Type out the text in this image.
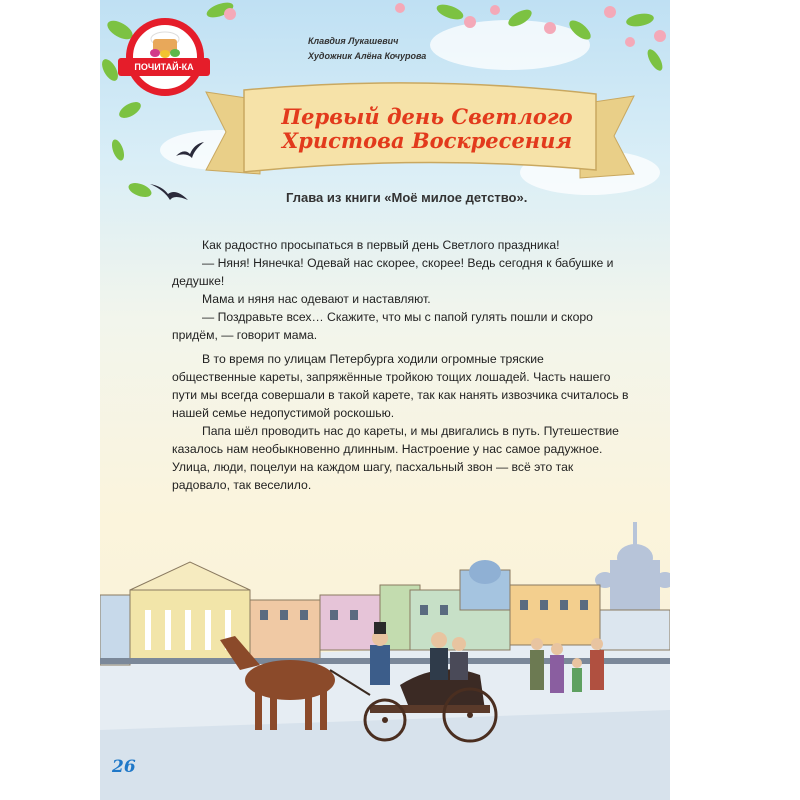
ПОЧИТАЙ-КА
Клавдия Лукашевич
Художник Алёна Кочурова
Первый день Светлого
Христова Воскресения
Глава из книги «Моё милое детство».

Как радостно просыпаться в первый день Светлого праздника!

— Няня! Нянечка! Одевай нас скорее, скорее! Ведь сегодня к бабушке и дедушке!

Мама и няня нас одевают и наставляют.

— Поздравьте всех… Скажите, что мы с папой гулять пошли и скоро придём, — говорит мама.

В то время по улицам Петербурга ходили огромные тряские общественные кареты, запряжённые тройкою тощих лошадей. Часть нашего пути мы всегда совершали в такой карете, так как нанять извозчика считалось в нашей семье недопустимой роскошью.

Папа шёл проводить нас до кареты, и мы двигались в путь. Путешествие казалось нам необыкновенно длинным. Настроение у нас самое радужное. Улица, люди, поцелуи на каждом шагу, пасхальный звон — всё это так радовало, так веселило.

26
